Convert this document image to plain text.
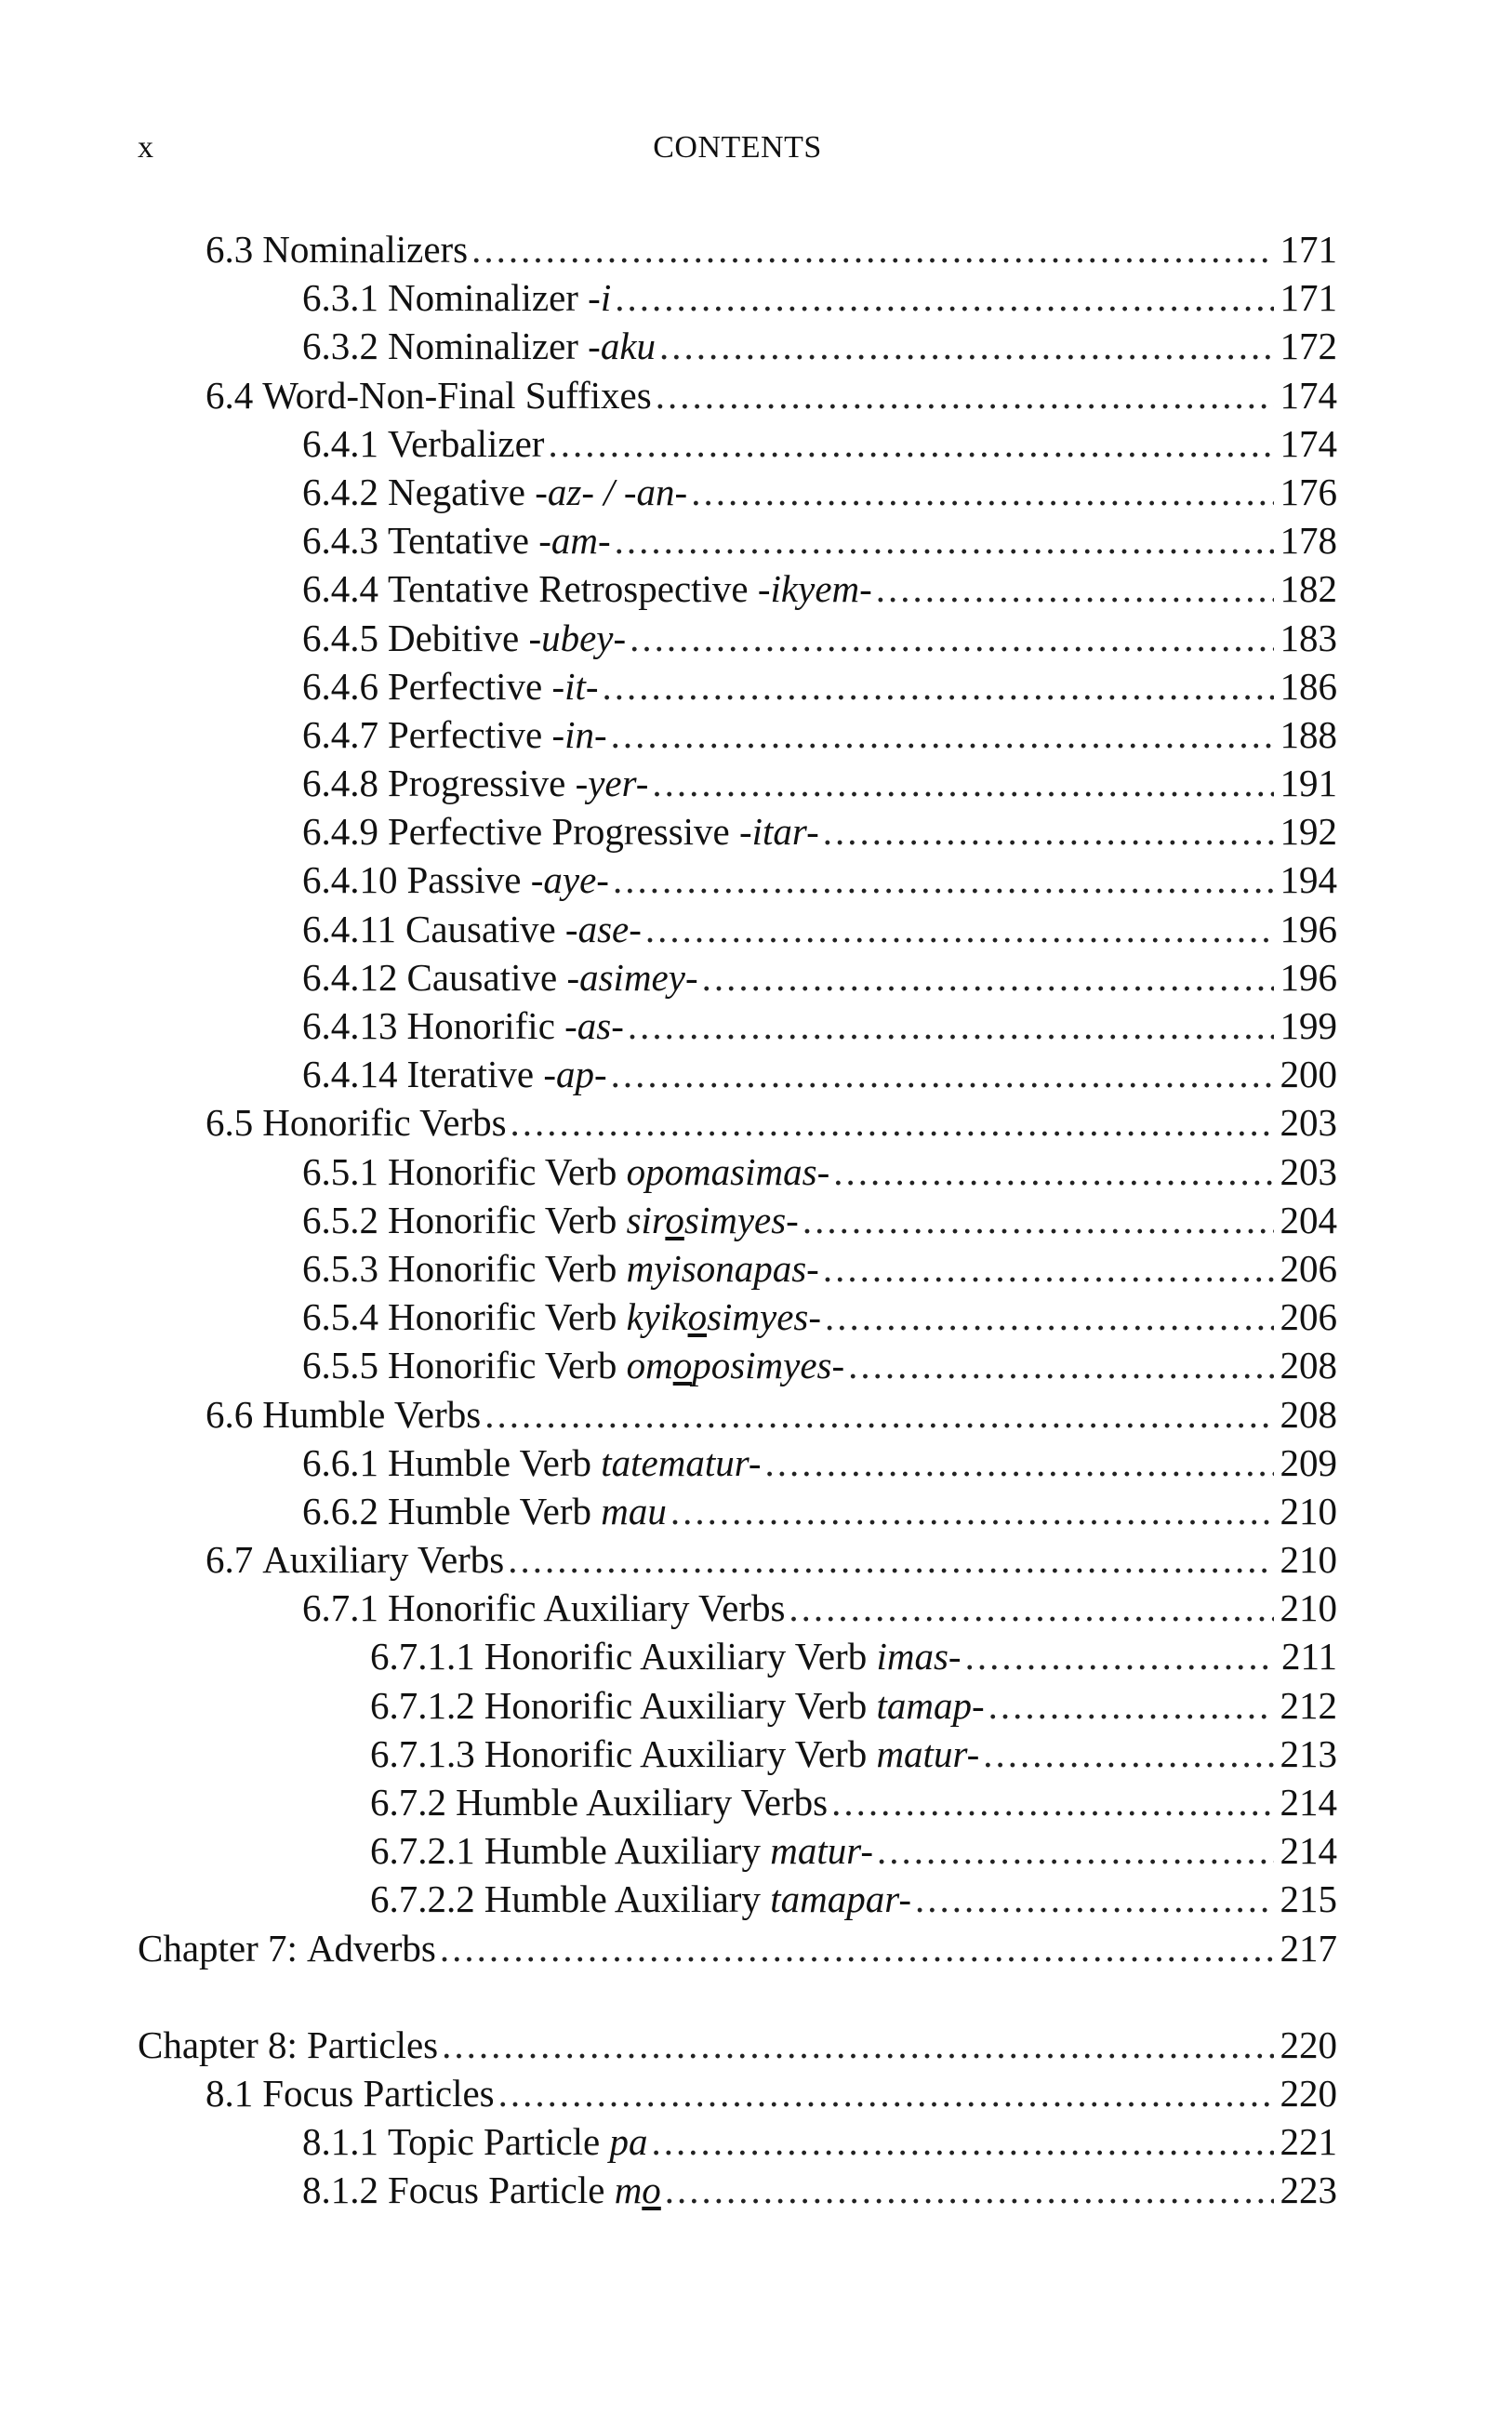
x	CONTENTS
6.3 Nominalizers .....	171
6.3.1 Nominalizer -i .....	171
6.3.2 Nominalizer -aku .....	172
6.4 Word-Non-Final Suffixes .....	174
6.4.1 Verbalizer .....	174
6.4.2 Negative -az- / -an- .....	176
6.4.3 Tentative -am- .....	178
6.4.4 Tentative Retrospective -ikyem- .....	182
6.4.5 Debitive -ubey- .....	183
6.4.6 Perfective -it- .....	186
6.4.7 Perfective -in- .....	188
6.4.8 Progressive -yer- .....	191
6.4.9 Perfective Progressive -itar- .....	192
6.4.10 Passive -aye- .....	194
6.4.11 Causative -ase- .....	196
6.4.12 Causative -asimey- .....	196
6.4.13 Honorific -as- .....	199
6.4.14 Iterative -ap- .....	200
6.5 Honorific Verbs .....	203
6.5.1 Honorific Verb opomasimas- .....	203
6.5.2 Honorific Verb sirosimyes- .....	204
6.5.3 Honorific Verb myisonapas- .....	206
6.5.4 Honorific Verb kyikosimyes- .....	206
6.5.5 Honorific Verb omoposimyes- .....	208
6.6 Humble Verbs .....	208
6.6.1 Humble Verb tatematur- .....	209
6.6.2 Humble Verb mau .....	210
6.7 Auxiliary Verbs .....	210
6.7.1 Honorific Auxiliary Verbs .....	210
6.7.1.1 Honorific Auxiliary Verb imas- .....	211
6.7.1.2 Honorific Auxiliary Verb tamap- .....	212
6.7.1.3 Honorific Auxiliary Verb matur- .....	213
6.7.2 Humble Auxiliary Verbs .....	214
6.7.2.1 Humble Auxiliary matur- .....	214
6.7.2.2 Humble Auxiliary tamapar- .....	215
Chapter 7: Adverbs .....	217
Chapter 8: Particles .....	220
8.1 Focus Particles .....	220
8.1.1 Topic Particle pa .....	221
8.1.2 Focus Particle mo .....	223
